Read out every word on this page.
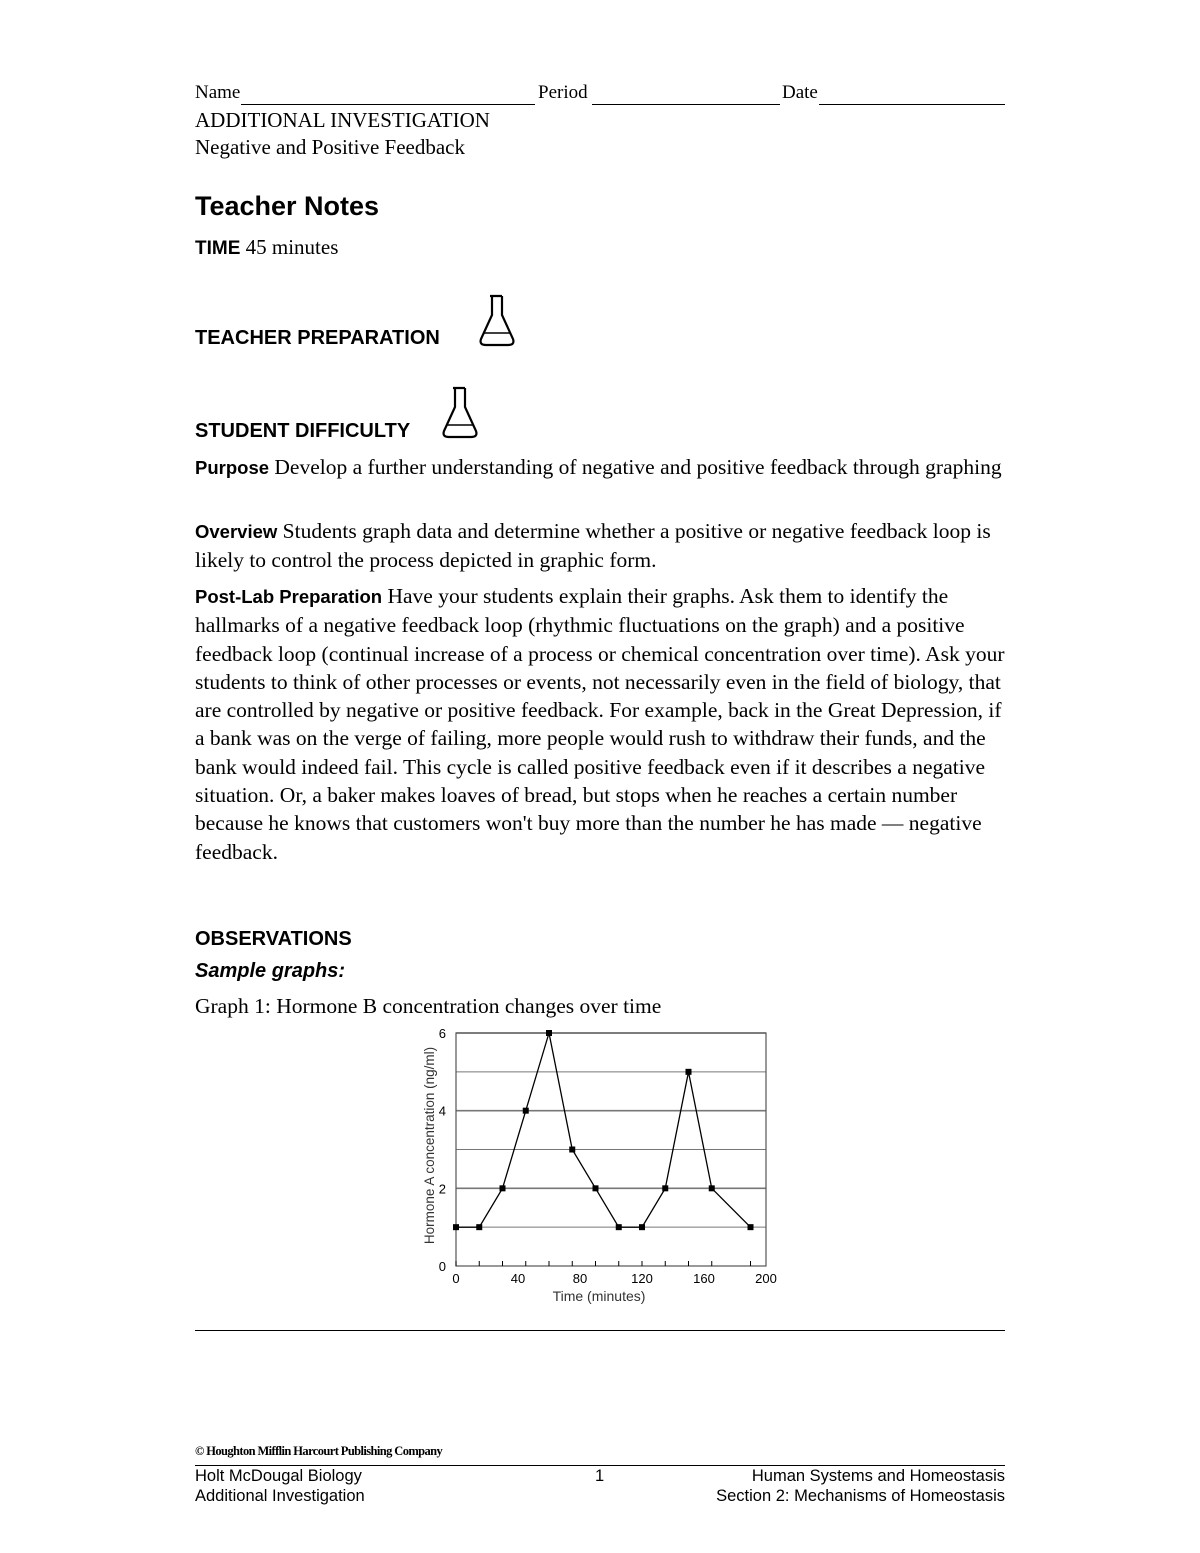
Name	Period	Date
ADDITIONAL INVESTIGATION
Negative and Positive Feedback
Teacher Notes
TIME 45 minutes
TEACHER PREPARATION
STUDENT DIFFICULTY
Purpose Develop a further understanding of negative and positive feedback through graphing
Overview Students graph data and determine whether a positive or negative feedback loop is likely to control the process depicted in graphic form.
Post-Lab Preparation Have your students explain their graphs. Ask them to identify the hallmarks of a negative feedback loop (rhythmic fluctuations on the graph) and a positive feedback loop (continual increase of a process or chemical concentration over time). Ask your students to think of other processes or events, not necessarily even in the field of biology, that are controlled by negative or positive feedback. For example, back in the Great Depression, if a bank was on the verge of failing, more people would rush to withdraw their funds, and the bank would indeed fail. This cycle is called positive feedback even if it describes a negative situation. Or, a baker makes loaves of bread, but stops when he reaches a certain number because he knows that customers won't buy more than the number he has made — negative feedback.
OBSERVATIONS
Sample graphs:
Graph 1: Hormone B concentration changes over time
0	40	80	120	160	200
0
2
4
6
Time (minutes)
Hormone A concentration (ng/ml)
© Houghton Mifflin Harcourt Publishing Company
Holt McDougal Biology
Additional Investigation
1	Human Systems and Homeostasis
Section 2: Mechanisms of Homeostasis
